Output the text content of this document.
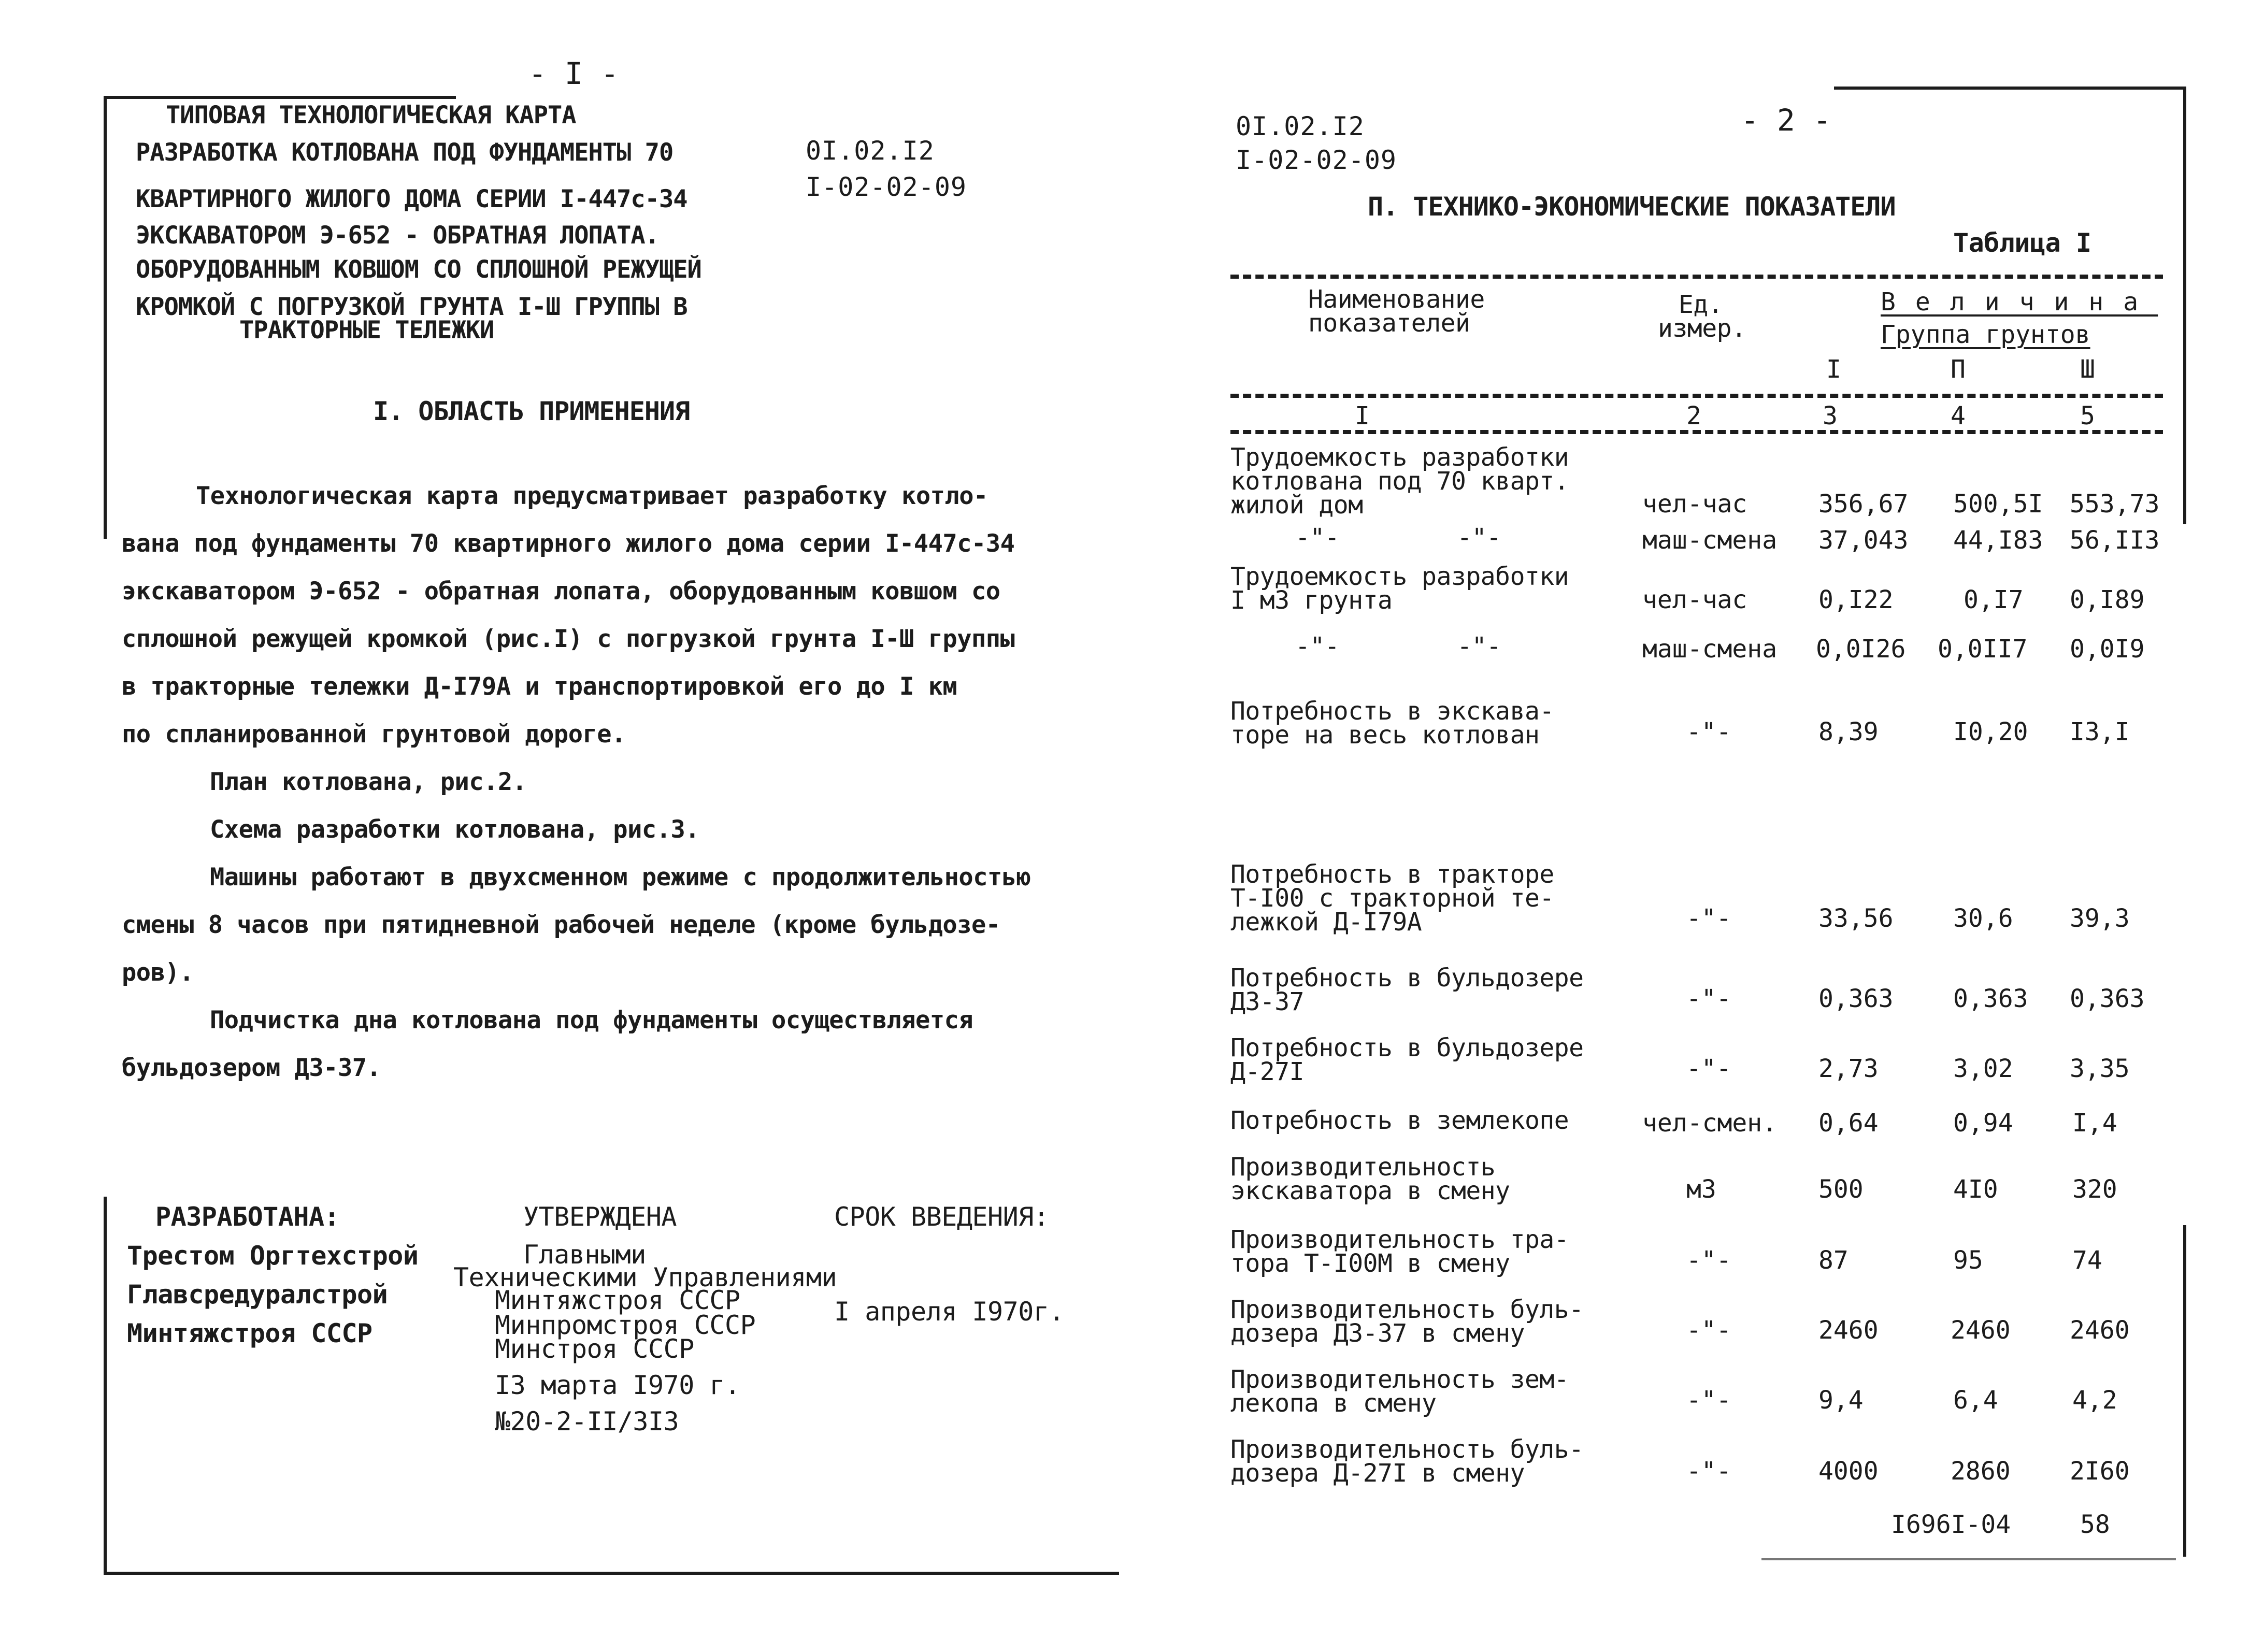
- I -
0I.02.I2
I-02-02-09
ТИПОВАЯ ТЕХНОЛОГИЧЕСКАЯ КАРТА
РАЗРАБОТКА КОТЛОВАНА ПОД ФУНДАМЕНТЫ 70
КВАРТИРНОГО ЖИЛОГО ДОМА СЕРИИ I-447с-34
ЭКСКАВАТОРОМ Э-652 - ОБРАТНАЯ ЛОПАТА.
ОБОРУДОВАННЫМ КОВШОМ СО СПЛОШНОЙ РЕЖУЩЕЙ
КРОМКОЙ С ПОГРУЗКОЙ ГРУНТА I-Ш ГРУППЫ В
ТРАКТОРНЫЕ ТЕЛЕЖКИ
I. ОБЛАСТЬ ПРИМЕНЕНИЯ
Технологическая карта предусматривает разработку котло-
вана под фундаменты 70 квартирного жилого дома серии I-447с-34
экскаватором Э-652 - обратная лопата, оборудованным ковшом со
сплошной режущей кромкой (рис.I) с погрузкой грунта I-Ш группы
в тракторные тележки Д-I79А и транспортировкой его до I км
по спланированной грунтовой дороге.
План котлована, рис.2.
Схема разработки котлована, рис.3.
Машины работают в двухсменном режиме с продолжительностью
смены 8 часов при пятидневной рабочей неделе (кроме бульдозе-
ров).
Подчистка дна котлована под фундаменты осуществляется
бульдозером ДЗ-37.
РАЗРАБОТАНА:
Трестом Оргтехстрой
Главсредуралстрой
Минтяжстроя СССР
УТВЕРЖДЕНА
Главными
Техническими Управлениями
Минтяжстроя СССР
Минпромстроя СССР
Минстроя СССР
I3 марта I970 г.
№20-2-II/3I3
СРОК ВВЕДЕНИЯ:
I апреля I970г.
0I.02.I2
I-02-02-09
- 2 -
П. ТЕХНИКО-ЭКОНОМИЧЕСКИЕ ПОКАЗАТЕЛИ
Таблица I
Наименование
показателей
Ед.
измер.
Величина
Группа грунтов
I	П	Ш
I	2	3	4	5
Трудоемкость разработки
котлована под 70 кварт.
жилой дом	чел-час	356,67 500,5I 553,73
-"-        -"-	маш-смена 37,043 44,I83 56,II3
Трудоемкость разработки
I м3 грунта	чел-час	0,I22	0,I7 0,I89
-"-        -"-	маш-смена 0,0I26 0,0II7 0,0I9
Потребность в экскава-
торе на весь котлован	-"-	8,39	I0,20 I3,I
Потребность в тракторе
Т-I00 с тракторной те-
лежкой Д-I79А	-"-	33,56 30,6 39,3
Потребность в бульдозере
ДЗ-37	-"-	0,363 0,363 0,363
Потребность в бульдозере
Д-27I	-"-	2,73	3,02 3,35
Потребность в землекопе	чел-смен. 0,64	0,94 I,4
Производительность
экскаватора в смену	м3	500	4I0	320
Производительность тра-
тора Т-I00М в смену	-"-	87	95	74
Производительность буль-
дозера ДЗ-37 в смену	-"-	2460	2460 2460
Производительность зем-
лекопа в смену	-"-	9,4	6,4	4,2
Производительность буль-
дозера Д-27I в смену	-"-	4000	2860 2I60
I696I-04	58
